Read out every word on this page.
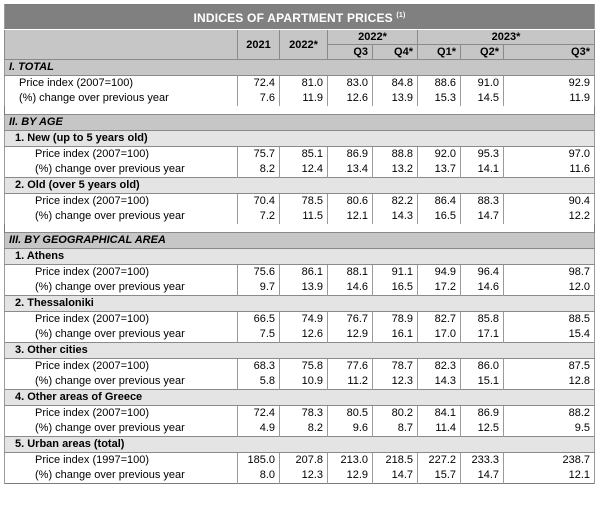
INDICES OF APARTMENT PRICES $^{(1)}$
	2021	2022*	2022*		2023*		
			Q3	Q4*	Q1*	Q2*	Q3*
I. TOTAL							
Price index (2007=100)	72.4	81.0	83.0	84.8	88.6	91.0	92.9
(%) change over previous year	7.6	11.9	12.6	13.9	15.3	14.5	11.9

II. BY AGE							
1. New (up to 5 years old)							
Price index (2007=100)	75.7	85.1	86.9	88.8	92.0	95.3	97.0
(%) change over previous year	8.2	12.4	13.4	13.2	13.7	14.1	11.6
2. Old (over 5 years old)							
Price index (2007=100)	70.4	78.5	80.6	82.2	86.4	88.3	90.4
(%) change over previous year	7.2	11.5	12.1	14.3	16.5	14.7	12.2

III. BY GEOGRAPHICAL AREA							
1. Athens							
Price index (2007=100)	75.6	86.1	88.1	91.1	94.9	96.4	98.7
(%) change over previous year	9.7	13.9	14.6	16.5	17.2	14.6	12.0
2. Thessaloniki							
Price index (2007=100)	66.5	74.9	76.7	78.9	82.7	85.8	88.5
(%) change over previous year	7.5	12.6	12.9	16.1	17.0	17.1	15.4
3. Other cities							
Price index (2007=100)	68.3	75.8	77.6	78.7	82.3	86.0	87.5
(%) change over previous year	5.8	10.9	11.2	12.3	14.3	15.1	12.8
4. Other areas of Greece							
Price index (2007=100)	72.4	78.3	80.5	80.2	84.1	86.9	88.2
(%) change over previous year	4.9	8.2	9.6	8.7	11.4	12.5	9.5
5. Urban areas (total)							
Price index (1997=100)	185.0	207.8	213.0	218.5	227.2	233.3	238.7
(%) change over previous year	8.0	12.3	12.9	14.7	15.7	14.7	12.1
